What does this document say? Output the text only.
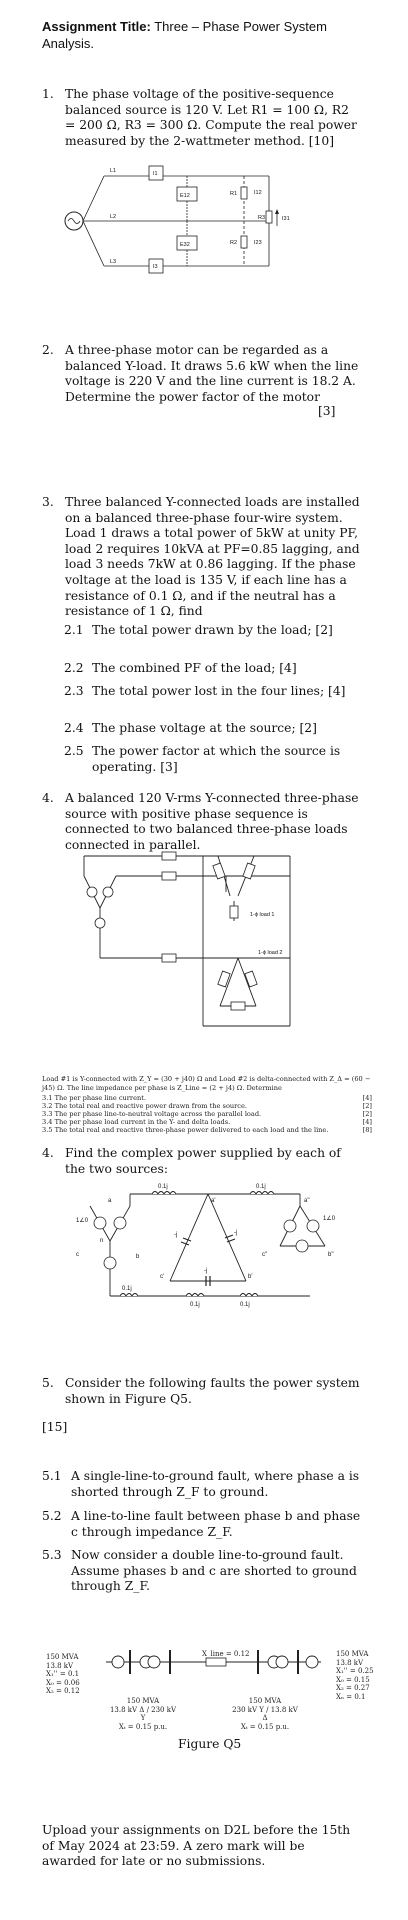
Assignment Title: Three – Phase Power System Analysis.
1. The phase voltage of the positive-sequence balanced source is 120 V. Let R1 = 100 Ω, R2 = 200 Ω, R3 = 300 Ω. Compute the real power measured by the 2-wattmeter method. [10]
L1
L2
L3
I1
E12
E32
I3
R1	I12
R2	I23
R3	I31
2. A three-phase motor can be regarded as a balanced Y-load. It draws 5.6 kW when the line voltage is 220 V and the line current is 18.2 A. Determine the power factor of the motor
[3]
3. Three balanced Y-connected loads are installed on a balanced three-phase four-wire system. Load 1 draws a total power of 5kW at unity PF, load 2 requires 10kVA at PF=0.85 lagging, and load 3 needs 7kW at 0.86 lagging. If the phase voltage at the load is 135 V, if each line has a resistance of 0.1 Ω, and if the neutral has a resistance of 1 Ω, find
2.1 The total power drawn by the load; [2]
2.2 The combined PF of the load; [4]
2.3 The total power lost in the four lines; [4]
2.4 The phase voltage at the source; [2]
2.5 The power factor at which the source is operating. [3]
4. A balanced 120 V-rms Y-connected three-phase source with positive phase sequence is connected to two balanced three-phase loads connected in parallel.
1-ϕ load 1
1-ϕ load 2
Load #1 is Y-connected with Z_Y = (30 + j40) Ω and Load #2 is delta-connected with Z_Δ = (60 − j45) Ω. The line impedance per phase is Z_Line = (2 + j4) Ω. Determine
3.1 The per phase line current.	[4]
3.2 The total real and reactive power drawn from the source.	[2]
3.3 The per phase line-to-neutral voltage across the parallel load.	[2]
3.4 The per phase load current in the Y- and delta loads.	[4]
3.5 The total real and reactive three-phase power delivered to each load and the line.	[8]
4. Find the complex power supplied by each of the two sources:
1∠0
a
c	b
n
0.1j	0.1j
0.1j
0.1j	0.1j
-j	-j
-j
a'
c'	b'
a''
c''	b''
1∠0
5. Consider the following faults the power system shown in Figure Q5.
[15]
5.1 A single-line-to-ground fault, where phase a is shorted through Z_F to ground.
5.2 A line-to-line fault between phase b and phase c through impedance Z_F.
5.3 Now consider a double line-to-ground fault. Assume phases b and c are shorted to ground through Z_F.
150 MVA
13.8 kV
X₁'' = 0.1
X₀ = 0.06
X₂ = 0.12
150 MVA
13.8 kV Δ / 230 kV Y
Xₜ = 0.15 p.u.
X_line = 0.12
150 MVA
230 kV Y / 13.8 kV Δ
Xₜ = 0.15 p.u.
150 MVA
13.8 kV
X₁'' = 0.25
X₀ = 0.15
X₂ = 0.27
Xₙ = 0.1
Figure Q5
Upload your assignments on D2L before the 15th of May 2024 at 23:59. A zero mark will be awarded for late or no submissions.
